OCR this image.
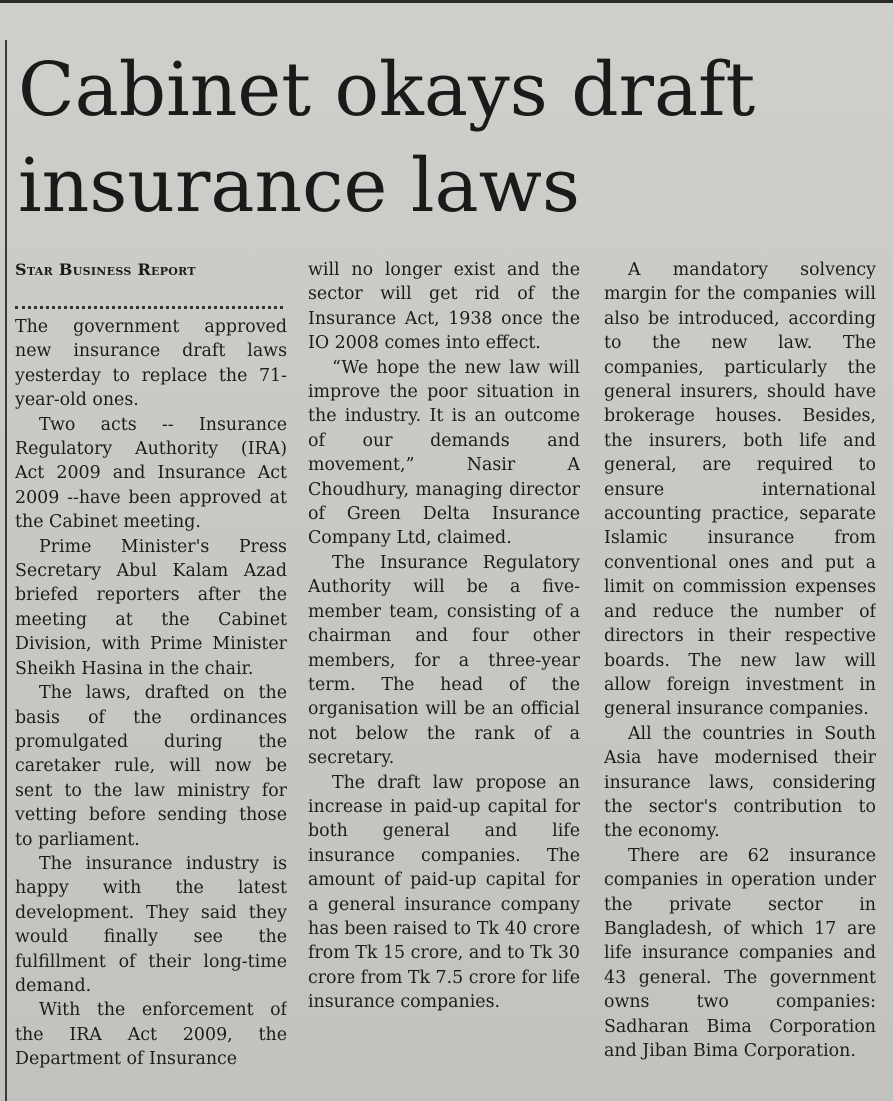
Cabinet okays draft insurance laws
Star Business Report

The government approved new insurance draft laws yesterday to replace the 71-year-old ones.

Two acts -- Insurance Regulatory Authority (IRA) Act 2009 and Insurance Act 2009 --have been approved at the Cabinet meeting.

Prime Minister's Press Secretary Abul Kalam Azad briefed reporters after the meeting at the Cabinet Division, with Prime Minister Sheikh Hasina in the chair.

The laws, drafted on the basis of the ordinances promulgated during the caretaker rule, will now be sent to the law ministry for vetting before sending those to parliament.

The insurance industry is happy with the latest development. They said they would finally see the fulfillment of their long-time demand.

With the enforcement of the IRA Act 2009, the Department of Insurance

will no longer exist and the sector will get rid of the Insurance Act, 1938 once the IO 2008 comes into effect.

“We hope the new law will improve the poor situation in the industry. It is an outcome of our demands and movement,” Nasir A Choudhury, managing director of Green Delta Insurance Company Ltd, claimed.

The Insurance Regulatory Authority will be a five-member team, consisting of a chairman and four other members, for a three-year term. The head of the organisation will be an official not below the rank of a secretary.

The draft law propose an increase in paid-up capital for both general and life insurance companies. The amount of paid-up capital for a general insurance company has been raised to Tk 40 crore from Tk 15 crore, and to Tk 30 crore from Tk 7.5 crore for life insurance companies.

A mandatory solvency margin for the companies will also be introduced, according to the new law. The companies, particularly the general insurers, should have brokerage houses. Besides, the insurers, both life and general, are required to ensure international accounting practice, separate Islamic insurance from conventional ones and put a limit on commission expenses and reduce the number of directors in their respective boards. The new law will allow foreign investment in general insurance companies.

All the countries in South Asia have modernised their insurance laws, considering the sector's contribution to the economy.

There are 62 insurance companies in operation under the private sector in Bangladesh, of which 17 are life insurance companies and 43 general. The government owns two companies: Sadharan Bima Corporation and Jiban Bima Corporation.
